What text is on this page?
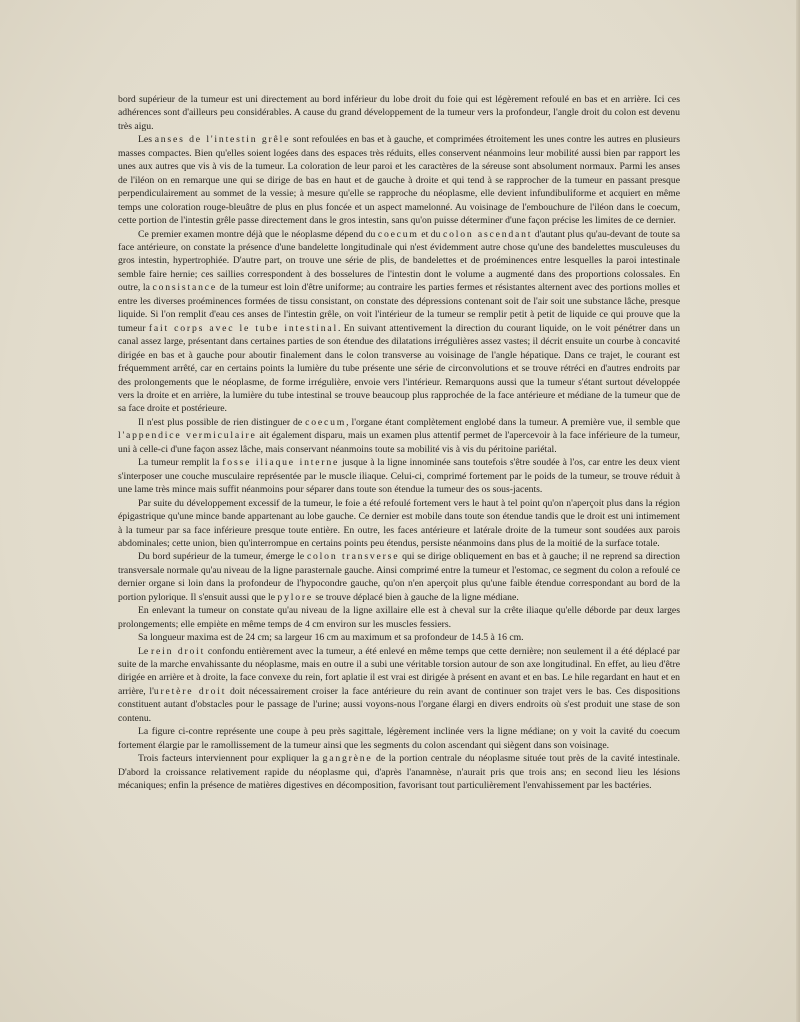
bord supérieur de la tumeur est uni directement au bord inférieur du lobe droit du foie qui est légèrement refoulé en bas et en arrière. Ici ces adhérences sont d'ailleurs peu considérables. A cause du grand développement de la tumeur vers la profondeur, l'angle droit du colon est devenu très aigu.

Les anses de l'intestin grêle sont refoulées en bas et à gauche, et comprimées étroitement les unes contre les autres en plusieurs masses compactes. Bien qu'elles soient logées dans des espaces très réduits, elles conservent néanmoins leur mobilité aussi bien par rapport les unes aux autres que vis à vis de la tumeur. La coloration de leur paroi et les caractères de la séreuse sont absolument normaux. Parmi les anses de l'iléon on en remarque une qui se dirige de bas en haut et de gauche à droite et qui tend à se rapprocher de la tumeur en passant presque perpendiculairement au sommet de la vessie; à mesure qu'elle se rapproche du néoplasme, elle devient infundibuliforme et acquiert en même temps une coloration rouge-bleuâtre de plus en plus foncée et un aspect mamelonné. Au voisinage de l'embouchure de l'iléon dans le coecum, cette portion de l'intestin grêle passe directement dans le gros intestin, sans qu'on puisse déterminer d'une façon précise les limites de ce dernier.

Ce premier examen montre déjà que le néoplasme dépend du coecum et du colon ascendant d'autant plus qu'au-devant de toute sa face antérieure, on constate la présence d'une bandelette longitudinale qui n'est évidemment autre chose qu'une des bandelettes musculeuses du gros intestin, hypertrophiée. D'autre part, on trouve une série de plis, de bandelettes et de proéminences entre lesquelles la paroi intestinale semble faire hernie; ces saillies correspondent à des bosselures de l'intestin dont le volume a augmenté dans des proportions colossales. En outre, la consistance de la tumeur est loin d'être uniforme; au contraire les parties fermes et résistantes alternent avec des portions molles et entre les diverses proéminences formées de tissu consistant, on constate des dépressions contenant soit de l'air soit une substance lâche, presque liquide. Si l'on remplit d'eau ces anses de l'intestin grêle, on voit l'intérieur de la tumeur se remplir petit à petit de liquide ce qui prouve que la tumeur fait corps avec le tube intestinal. En suivant attentivement la direction du courant liquide, on le voit pénétrer dans un canal assez large, présentant dans certaines parties de son étendue des dilatations irrégulières assez vastes; il décrit ensuite un courbe à concavité dirigée en bas et à gauche pour aboutir finalement dans le colon transverse au voisinage de l'angle hépatique. Dans ce trajet, le courant est fréquemment arrêté, car en certains points la lumière du tube présente une série de circonvolutions et se trouve rétréci en d'autres endroits par des prolongements que le néoplasme, de forme irrégulière, envoie vers l'intérieur. Remarquons aussi que la tumeur s'étant surtout développée vers la droite et en arrière, la lumière du tube intestinal se trouve beaucoup plus rapprochée de la face antérieure et médiane de la tumeur que de sa face droite et postérieure.

Il n'est plus possible de rien distinguer de coecum, l'organe étant complètement englobé dans la tumeur. A première vue, il semble que l'appendice vermiculaire ait également disparu, mais un examen plus attentif permet de l'apercevoir à la face inférieure de la tumeur, uni à celle-ci d'une façon assez lâche, mais conservant néanmoins toute sa mobilité vis à vis du péritoine pariétal.

La tumeur remplit la fosse iliaque interne jusque à la ligne innominée sans toutefois s'être soudée à l'os, car entre les deux vient s'interposer une couche musculaire représentée par le muscle iliaque. Celui-ci, comprimé fortement par le poids de la tumeur, se trouve réduit à une lame très mince mais suffit néanmoins pour séparer dans toute son étendue la tumeur des os sous-jacents.

Par suite du développement excessif de la tumeur, le foie a été refoulé fortement vers le haut à tel point qu'on n'aperçoit plus dans la région épigastrique qu'une mince bande appartenant au lobe gauche. Ce dernier est mobile dans toute son étendue tandis que le droit est uni intimement à la tumeur par sa face inférieure presque toute entière. En outre, les faces antérieure et latérale droite de la tumeur sont soudées aux parois abdominales; cette union, bien qu'interrompue en certains points peu étendus, persiste néanmoins dans plus de la moitié de la surface totale.

Du bord supérieur de la tumeur, émerge le colon transverse qui se dirige obliquement en bas et à gauche; il ne reprend sa direction transversale normale qu'au niveau de la ligne parasternale gauche. Ainsi comprimé entre la tumeur et l'estomac, ce segment du colon a refoulé ce dernier organe si loin dans la profondeur de l'hypocondre gauche, qu'on n'en aperçoit plus qu'une faible étendue correspondant au bord de la portion pylorique. Il s'ensuit aussi que le pylore se trouve déplacé bien à gauche de la ligne médiane.

En enlevant la tumeur on constate qu'au niveau de la ligne axillaire elle est à cheval sur la crête iliaque qu'elle déborde par deux larges prolongements; elle empiète en même temps de 4 cm environ sur les muscles fessiers.

Sa longueur maxima est de 24 cm; sa largeur 16 cm au maximum et sa profondeur de 14.5 à 16 cm.

Le rein droit confondu entièrement avec la tumeur, a été enlevé en même temps que cette dernière; non seulement il a été déplacé par suite de la marche envahissante du néoplasme, mais en outre il a subi une véritable torsion autour de son axe longitudinal. En effet, au lieu d'être dirigée en arrière et à droite, la face convexe du rein, fort aplatie il est vrai est dirigée à présent en avant et en bas. Le hile regardant en haut et en arrière, l'uretère droit doit nécessairement croiser la face antérieure du rein avant de continuer son trajet vers le bas. Ces dispositions constituent autant d'obstacles pour le passage de l'urine; aussi voyons-nous l'organe élargi en divers endroits où s'est produit une stase de son contenu.

La figure ci-contre représente une coupe à peu près sagittale, légèrement inclinée vers la ligne médiane; on y voit la cavité du coecum fortement élargie par le ramollissement de la tumeur ainsi que les segments du colon ascendant qui siègent dans son voisinage.

Trois facteurs interviennent pour expliquer la gangrène de la portion centrale du néoplasme située tout près de la cavité intestinale. D'abord la croissance relativement rapide du néoplasme qui, d'après l'anamnèse, n'aurait pris que trois ans; en second lieu les lésions mécaniques; enfin la présence de matières digestives en décomposition, favorisant tout particulièrement l'envahissement par les bactéries.
